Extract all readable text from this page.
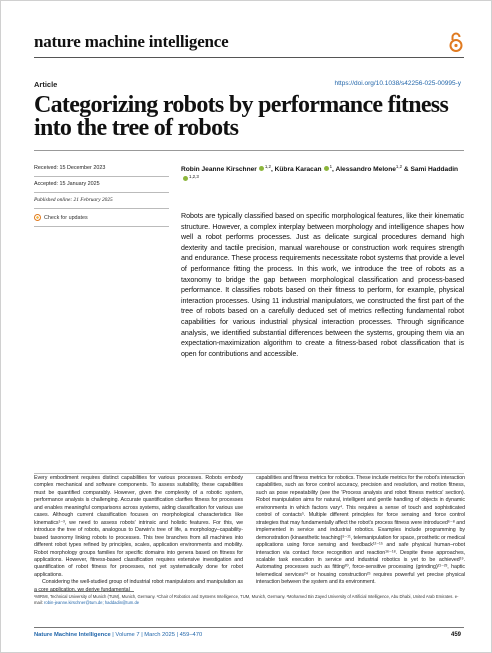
nature machine intelligence
Article	https://doi.org/10.1038/s42256-025-00995-y
Categorizing robots by performance fitness into the tree of robots
Received: 15 December 2023
Accepted: 15 January 2025
Published online: 21 February 2025
Check for updates
Robin Jeanne Kirschner $^{1,2}$, Kübra Karacan $^1$, Alessandro Melone$^{1,2}$ & Sami Haddadin$^{1,2,3}$

Robots are typically classified based on specific morphological features, like their kinematic structure. However, a complex interplay between morphology and intelligence shapes how well a robot performs processes. Just as delicate surgical procedures demand high dexterity and tactile precision, manual warehouse or construction work requires strength and endurance. These process requirements necessitate robot systems that provide a level of performance fitting the process. In this work, we introduce the tree of robots as a taxonomy to bridge the gap between morphological classification and process-based performance. It classifies robots based on their fitness to perform, for example, physical interaction processes. Using 11 industrial manipulators, we constructed the first part of the tree of robots based on a carefully deduced set of metrics reflecting fundamental robot capabilities for various industrial physical interaction processes. Through significance analysis, we identified substantial differences between the systems, grouping them via an expectation-maximization algorithm to create a fitness-based robot classification that is open for contributions and accessible.

Every embodiment requires distinct capabilities for various processes. Robots embody complex mechanical and software components. To assess suitability, these capabilities must be quantified comparably. However, given the complexity of a robotic system, performance analysis is challenging. Accurate quantification clarifies fitness for processes and enables meaningful comparisons across systems, aiding classification for various use cases. Although current classification focuses on morphological characteristics like kinematics¹⁻³, we need to assess robots' intrinsic and holistic features. For this, we introduce the tree of robots, analogous to Darwin's tree of life, a morphology–capability-based taxonomy linking robots to processes. This tree branches from all machines into different robot types refined by principles, scales, application environments and mobility. Robot morphology groups families for specific domains into genera based on fitness for applications. However, fitness-based classification requires extensive investigation and quantification of robot fitness for processes, not yet systematically done for robot applications.

Considering the well-studied group of industrial robot manipulators and manipulation as a core application, we derive fundamental

capabilities and fitness metrics for robotics. These include metrics for the robot's interaction capabilities, such as force control accuracy, precision and resolution, and motion fitness, such as pose repeatability (see the 'Process analysis and robot fitness metrics' section). Robot manipulation aims for natural, intelligent and gentle handling of objects in dynamic environments in which factors vary⁴. This requires a sense of touch and sophisticated control of contacts⁵. Multiple different principles for force sensing and force control strategies that may fundamentally affect the robot's process fitness were introduced⁶⁻⁸ and implemented in service and industrial robotics. Examples include programming by demonstration (kinaesthetic teaching)⁹⁻¹¹, telemanipulation for space, prosthetic or medical applications using force sensing and feedback¹²⁻¹⁵ and safe physical human–robot interaction via contact force recognition and reaction¹⁶⁻¹⁸. Despite these approaches, scalable task execution in service and industrial robotics is yet to be achieved¹⁹. Automating processes such as fitting²⁰, force-sensitive processing (grinding)²¹⁻²³, haptic telemedical services²⁴ or housing construction²⁵ requires powerful yet precise physical interaction between the system and its environment.

¹MIRMI, Technical University of Munich (TUM), Munich, Germany. ²Chair of Robotics and Systems Intelligence, TUM, Munich, Germany. ³Mohamed Bin Zayed University of Artificial Intelligence, Abu Dhabi, United Arab Emirates. e-mail: robin-jeanne.kirschner@tum.de; haddadin@tum.de
Nature Machine Intelligence | Volume 7 | March 2025 | 459–470	459
